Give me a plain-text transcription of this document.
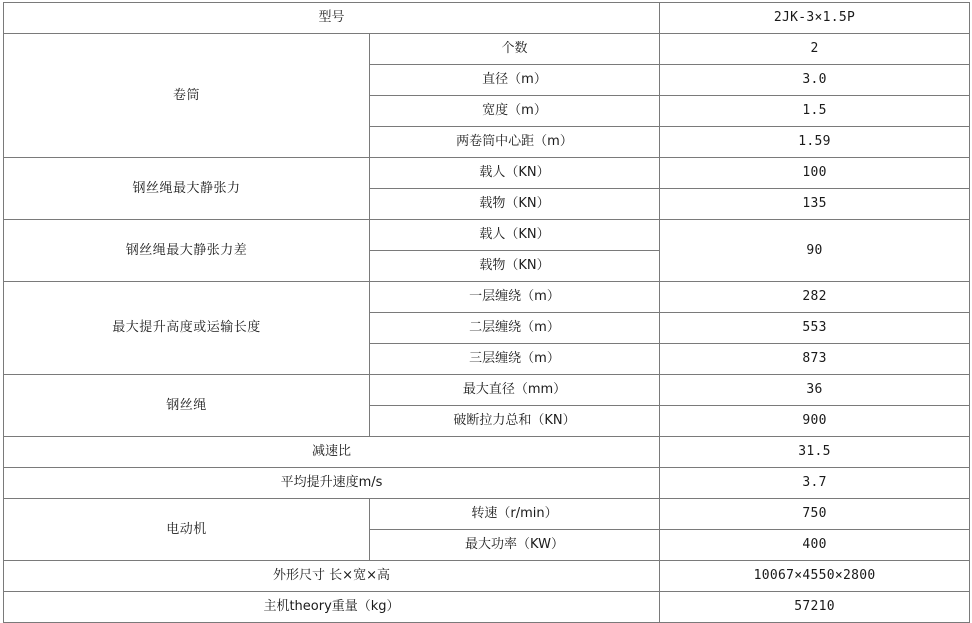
型号		2JK-3×1.5P
卷筒	个数	2
	直径（m）	3.0
	宽度（m）	1.5
	两卷筒中心距（m）	1.59
钢丝绳最大静张力	载人（KN）	100
	载物（KN）	135
钢丝绳最大静张力差	载人（KN）	90
	载物（KN）	
最大提升高度或运输长度	一层缠绕（m）	282
	二层缠绕（m）	553
	三层缠绕（m）	873
钢丝绳	最大直径（mm）	36
	破断拉力总和（KN）	900
减速比		31.5
平均提升速度m/s		3.7
电动机	转速（r/min）	750
	最大功率（KW）	400
外形尺寸 长×宽×高		10067×4550×2800
主机theory重量（kg）		57210
